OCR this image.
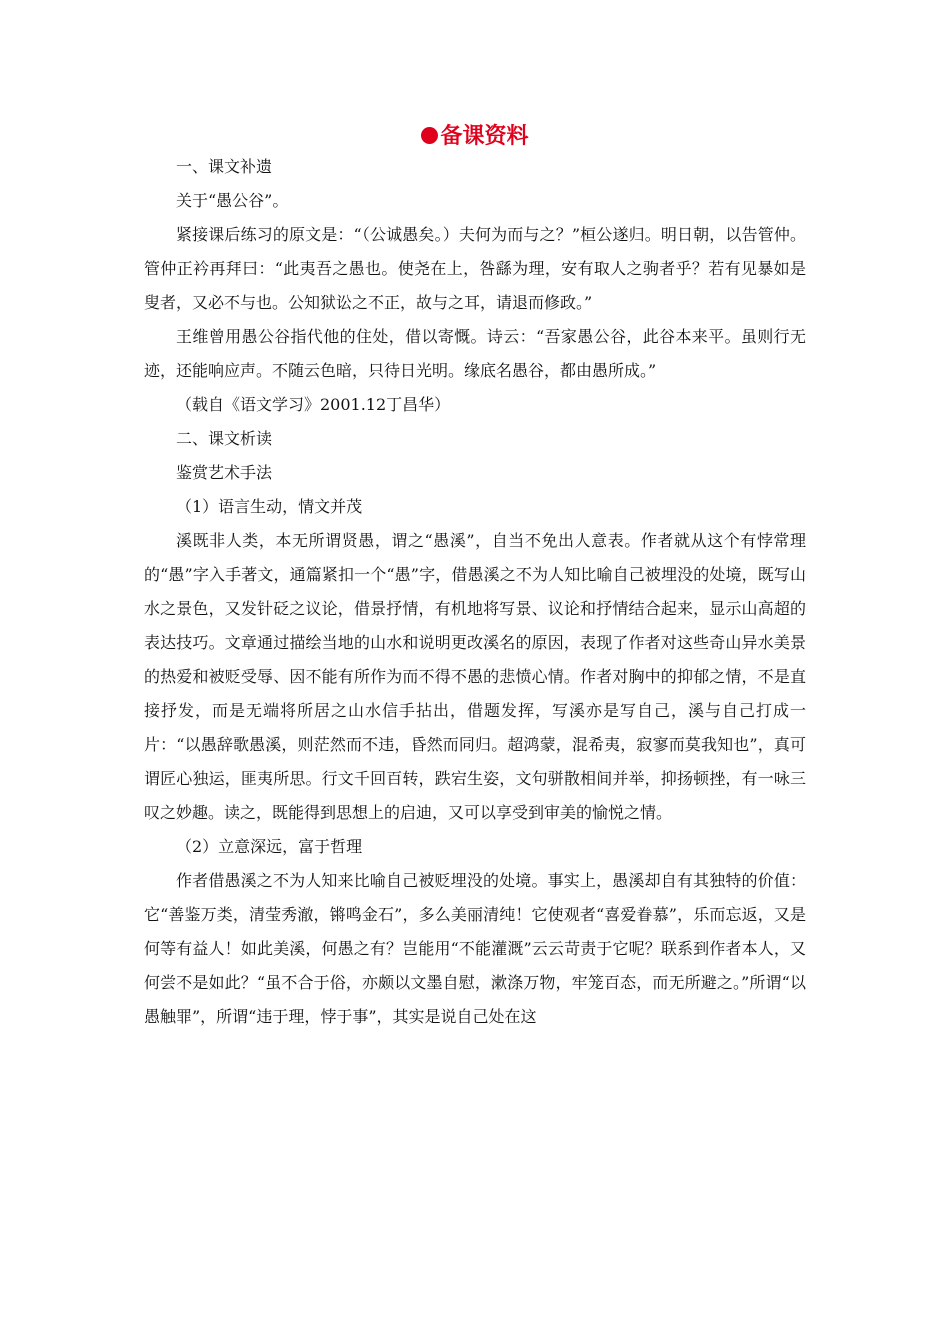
备课资料

一、课文补遗

关于“愚公谷”。

紧接课后练习的原文是：“（公诚愚矣。）夫何为而与之？”桓公遂归。明日朝，以告管仲。管仲正衿再拜曰：“此夷吾之愚也。使尧在上，咎繇为理，安有取人之驹者乎？若有见暴如是叟者，又必不与也。公知狱讼之不正，故与之耳，请退而修政。”

王维曾用愚公谷指代他的住处，借以寄慨。诗云：“吾家愚公谷，此谷本来平。虽则行无迹，还能响应声。不随云色暗，只待日光明。缘底名愚谷，都由愚所成。”

（载自《语文学习》2001.12丁昌华）

二、课文析读

鉴赏艺术手法

（1）语言生动，情文并茂

溪既非人类，本无所谓贤愚，谓之“愚溪”，自当不免出人意表。作者就从这个有悖常理的“愚”字入手著文，通篇紧扣一个“愚”字，借愚溪之不为人知比喻自己被埋没的处境，既写山水之景色，又发针砭之议论，借景抒情，有机地将写景、议论和抒情结合起来，显示山高超的表达技巧。文章通过描绘当地的山水和说明更改溪名的原因，表现了作者对这些奇山异水美景的热爱和被贬受辱、因不能有所作为而不得不愚的悲愤心情。作者对胸中的抑郁之情，不是直接抒发，而是无端将所居之山水信手拈出，借题发挥，写溪亦是写自己，溪与自己打成一片：“以愚辞歌愚溪，则茫然而不违，昏然而同归。超鸿蒙，混希夷，寂寥而莫我知也”，真可谓匠心独运，匪夷所思。行文千回百转，跌宕生姿，文句骈散相间并举，抑扬顿挫，有一咏三叹之妙趣。读之，既能得到思想上的启迪，又可以享受到审美的愉悦之情。

（2）立意深远，富于哲理

作者借愚溪之不为人知来比喻自己被贬埋没的处境。事实上，愚溪却自有其独特的价值：它“善鉴万类，清莹秀澈，锵鸣金石”，多么美丽清纯！它使观者“喜爱眷慕”，乐而忘返，又是何等有益人！如此美溪，何愚之有？岂能用“不能灌溉”云云苛责于它呢？联系到作者本人，又何尝不是如此？“虽不合于俗，亦颇以文墨自慰，漱涤万物，牢笼百态，而无所避之。”所谓“以愚触罪”，所谓“违于理，悖于事”，其实是说自己处在这
